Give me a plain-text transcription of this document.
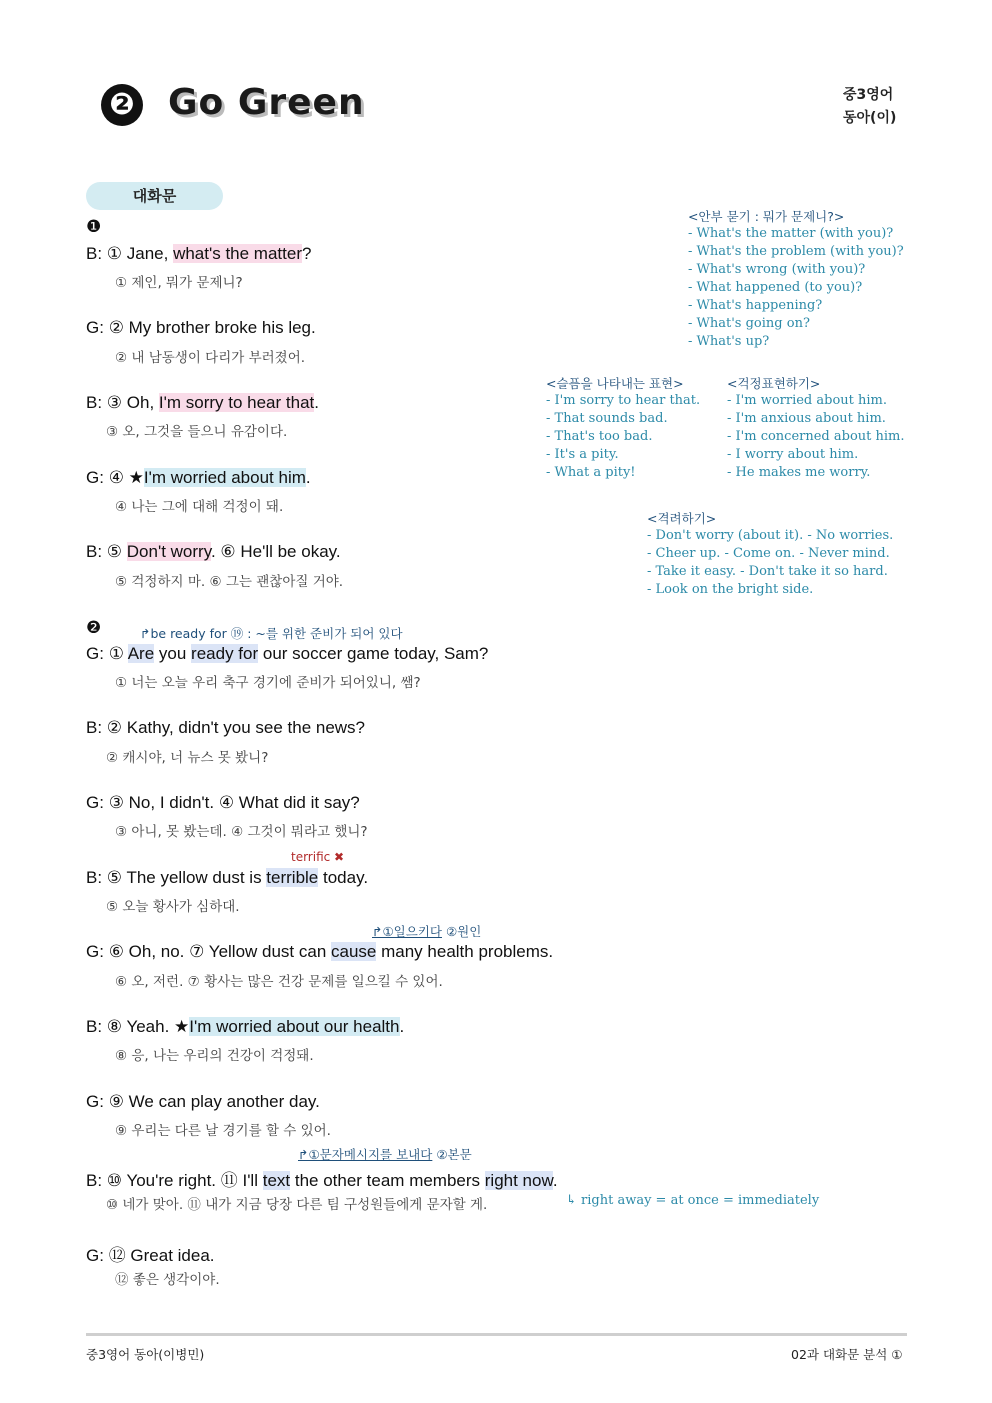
❷ Go Green	중3영어
동아(이)
대화문
❶
B: ① Jane, what's the matter?
① 제인, 뭐가 문제니?
G: ② My brother broke his leg.
② 내 남동생이 다리가 부러졌어.
B: ③ Oh, I'm sorry to hear that.
③ 오, 그것을 들으니 유감이다.
G: ④ ★I'm worried about him.
④ 나는 그에 대해 걱정이 돼.
B: ⑤ Don't worry. ⑥ He'll be okay.
⑤ 걱정하지 마. ⑥ 그는 괜찮아질 거야.
<안부 묻기 : 뭐가 문제니?>
- What's the matter (with you)?
- What's the problem (with you)?
- What's wrong (with you)?
- What happened (to you)?
- What's happening?
- What's going on?
- What's up?
<슬픔을 나타내는 표현>
- I'm sorry to hear that.
- That sounds bad.
- That's too bad.
- It's a pity.
- What a pity!
<걱정표현하기>
- I'm worried about him.
- I'm anxious about him.
- I'm concerned about him.
- I worry about him.
- He makes me worry.
<격려하기>
- Don't worry (about it). - No worries.
- Cheer up. - Come on. - Never mind.
- Take it easy. - Don't take it so hard.
- Look on the bright side.
❷	↱be ready for ⑲ : ~를 위한 준비가 되어 있다
G: ① Are you ready for our soccer game today, Sam?
① 너는 오늘 우리 축구 경기에 준비가 되어있니, 쌤?
B: ② Kathy, didn't you see the news?
② 캐시야, 너 뉴스 못 봤니?
G: ③ No, I didn't. ④ What did it say?
③ 아니, 못 봤는데. ④ 그것이 뭐라고 했니?
terrific ✖
B: ⑤ The yellow dust is terrible today.
⑤ 오늘 황사가 심하대.
↱①일으키다 ②원인
G: ⑥ Oh, no. ⑦ Yellow dust can cause many health problems.
⑥ 오, 저런. ⑦ 황사는 많은 건강 문제를 일으킬 수 있어.
B: ⑧ Yeah. ★I'm worried about our health.
⑧ 응, 나는 우리의 건강이 걱정돼.
G: ⑨ We can play another day.
⑨ 우리는 다른 날 경기를 할 수 있어.
↱①문자메시지를 보내다 ②본문
B: ⑩ You're right. ⑪ I'll text the other team members right now.
⑩ 네가 맞아. ⑪ 내가 지금 당장 다른 팀 구성원들에게 문자할 게.	↳ right away = at once = immediately
G: ⑫ Great idea.
⑫ 좋은 생각이야.
중3영어 동아(이병민)	02과 대화문 분석 ①
